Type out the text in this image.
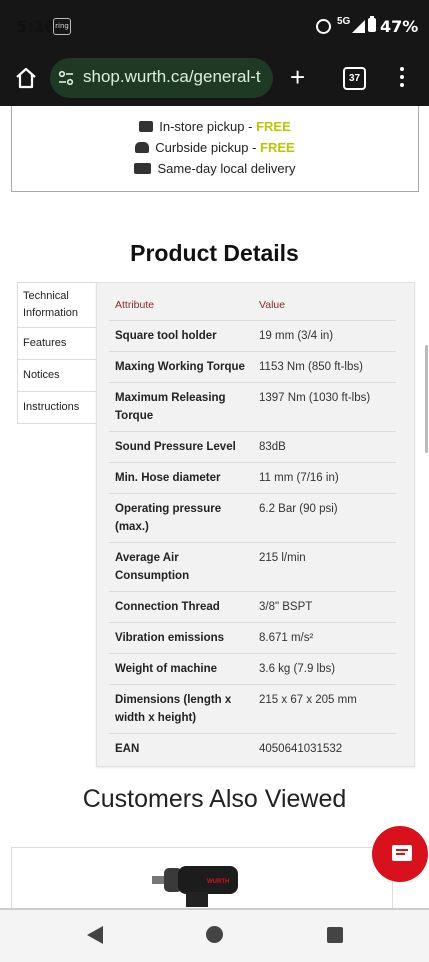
5:16 ring	5G 47%
shop.wurth.ca/general-t	+	37
In-store pickup - FREE
Curbside pickup - FREE
Same-day local delivery
Product Details
Technical Information
Features
Notices
Instructions
Attribute	Value
Square tool holder	19 mm (3/4 in)
Maxing Working Torque	1153 Nm (850 ft-lbs)
Maximum Releasing Torque	1397 Nm (1030 ft-lbs)
Sound Pressure Level	83dB
Min. Hose diameter	11 mm (7/16 in)
Operating pressure (max.)	6.2 Bar (90 psi)
Average Air Consumption	215 l/min
Connection Thread	3/8" BSPT
Vibration emissions	8.671 m/s²
Weight of machine	3.6 kg (7.9 lbs)
Dimensions (length x width x height)	215 x 67 x 205 mm
EAN	4050641031532
Customers Also Viewed
WURTH
